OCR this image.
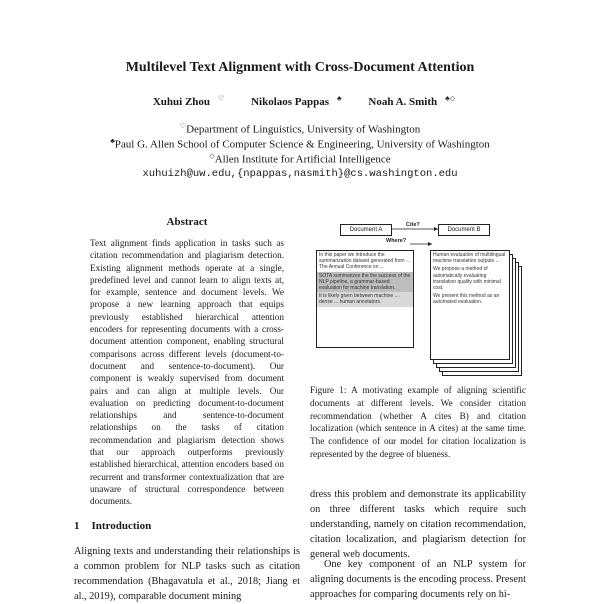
Multilevel Text Alignment with Cross-Document Attention
Xuhui Zhou ♡ Nikolaos Pappas ♣ Noah A. Smith ♣◇
♡Department of Linguistics, University of Washington
♣Paul G. Allen School of Computer Science & Engineering, University of Washington
◇Allen Institute for Artificial Intelligence
xuhuizh@uw.edu,{npappas,nasmith}@cs.washington.edu
Abstract
Text alignment finds application in tasks such as citation recommendation and plagiarism detection. Existing alignment methods operate at a single, predefined level and cannot learn to align texts at, for example, sentence and document levels. We propose a new learning approach that equips previously established hierarchical attention encoders for representing documents with a cross-document attention component, enabling structural comparisons across different levels (document-to-document and sentence-to-document). Our component is weakly supervised from document pairs and can align at multiple levels. Our evaluation on predicting document-to-document relationships and sentence-to-document relationships on the tasks of citation recommendation and plagiarism detection shows that our approach outperforms previously established hierarchical, attention encoders based on recurrent and transformer contextualization that are unaware of structural correspondence between documents.
1 Introduction
Aligning texts and understanding their relationships is a common problem for NLP tasks such as citation recommendation (Bhagavatula et al., 2018; Jiang et al., 2019), comparable document mining
Document A	Document B
Cite?
Where?
In this paper we introduce the summarization dataset generated from ... The Annual Conference on ...
SOTA summarizes the the success of the NLP pipeline, a grammar-based evaluation for machine translation.
It is likely given between machine ... dense ... human annotators.
Human evaluation of multilingual machine translation outputs ...
We propose a method of automatically evaluating translation quality with minimal cost.
We present this method as an automated evaluation.
Figure 1: A motivating example of aligning scientific documents at different levels. We consider citation recommendation (whether A cites B) and citation localization (which sentence in A cites) at the same time. The confidence of our model for citation localization is represented by the degree of blueness.
dress this problem and demonstrate its applicability on three different tasks which require such understanding, namely on citation recommendation, citation localization, and plagiarism detection for general web documents.
One key component of an NLP system for aligning documents is the encoding process. Present approaches for comparing documents rely on hi-
